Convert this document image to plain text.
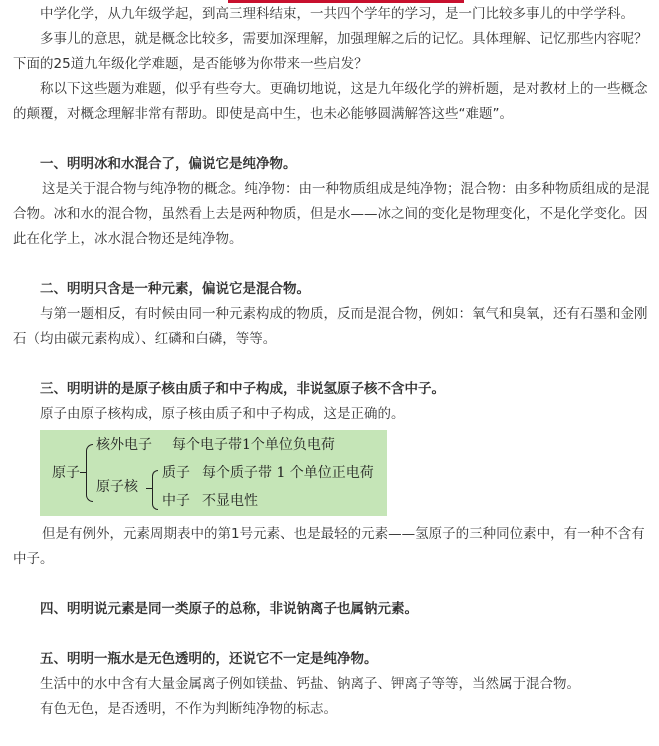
中学化学，从九年级学起，到高三理科结束，一共四个学年的学习，是一门比较多事儿的中学学科。

多事儿的意思，就是概念比较多，需要加深理解，加强理解之后的记忆。具体理解、记忆那些内容呢？下面的25道九年级化学难题，是否能够为你带来一些启发？

称以下这些题为难题，似乎有些夸大。更确切地说，这是九年级化学的辨析题，是对教材上的一些概念的颠覆，对概念理解非常有帮助。即使是高中生，也未必能够圆满解答这些“难题”。

一、明明冰和水混合了，偏说它是纯净物。

这是关于混合物与纯净物的概念。纯净物：由一种物质组成是纯净物；混合物：由多种物质组成的是混合物。冰和水的混合物，虽然看上去是两种物质，但是水——冰之间的变化是物理变化，不是化学变化。因此在化学上，冰水混合物还是纯净物。

二、明明只含是一种元素，偏说它是混合物。

与第一题相反，有时候由同一种元素构成的物质，反而是混合物，例如：氧气和臭氧，还有石墨和金刚石（均由碳元素构成）、红磷和白磷，等等。

三、明明讲的是原子核由质子和中子构成，非说氢原子核不含中子。

原子由原子核构成，原子核由质子和中子构成，这是正确的。

原子
核外电子 每个电子带1个单位负电荷
原子核
质子 每个质子带 1 个单位正电荷
中子 不显电性

但是有例外，元素周期表中的第1号元素、也是最轻的元素——氢原子的三种同位素中，有一种不含有中子。

四、明明说元素是同一类原子的总称，非说钠离子也属钠元素。
五、明明一瓶水是无色透明的，还说它不一定是纯净物。

生活中的水中含有大量金属离子例如镁盐、钙盐、钠离子、钾离子等等，当然属于混合物。

有色无色，是否透明，不作为判断纯净物的标志。
